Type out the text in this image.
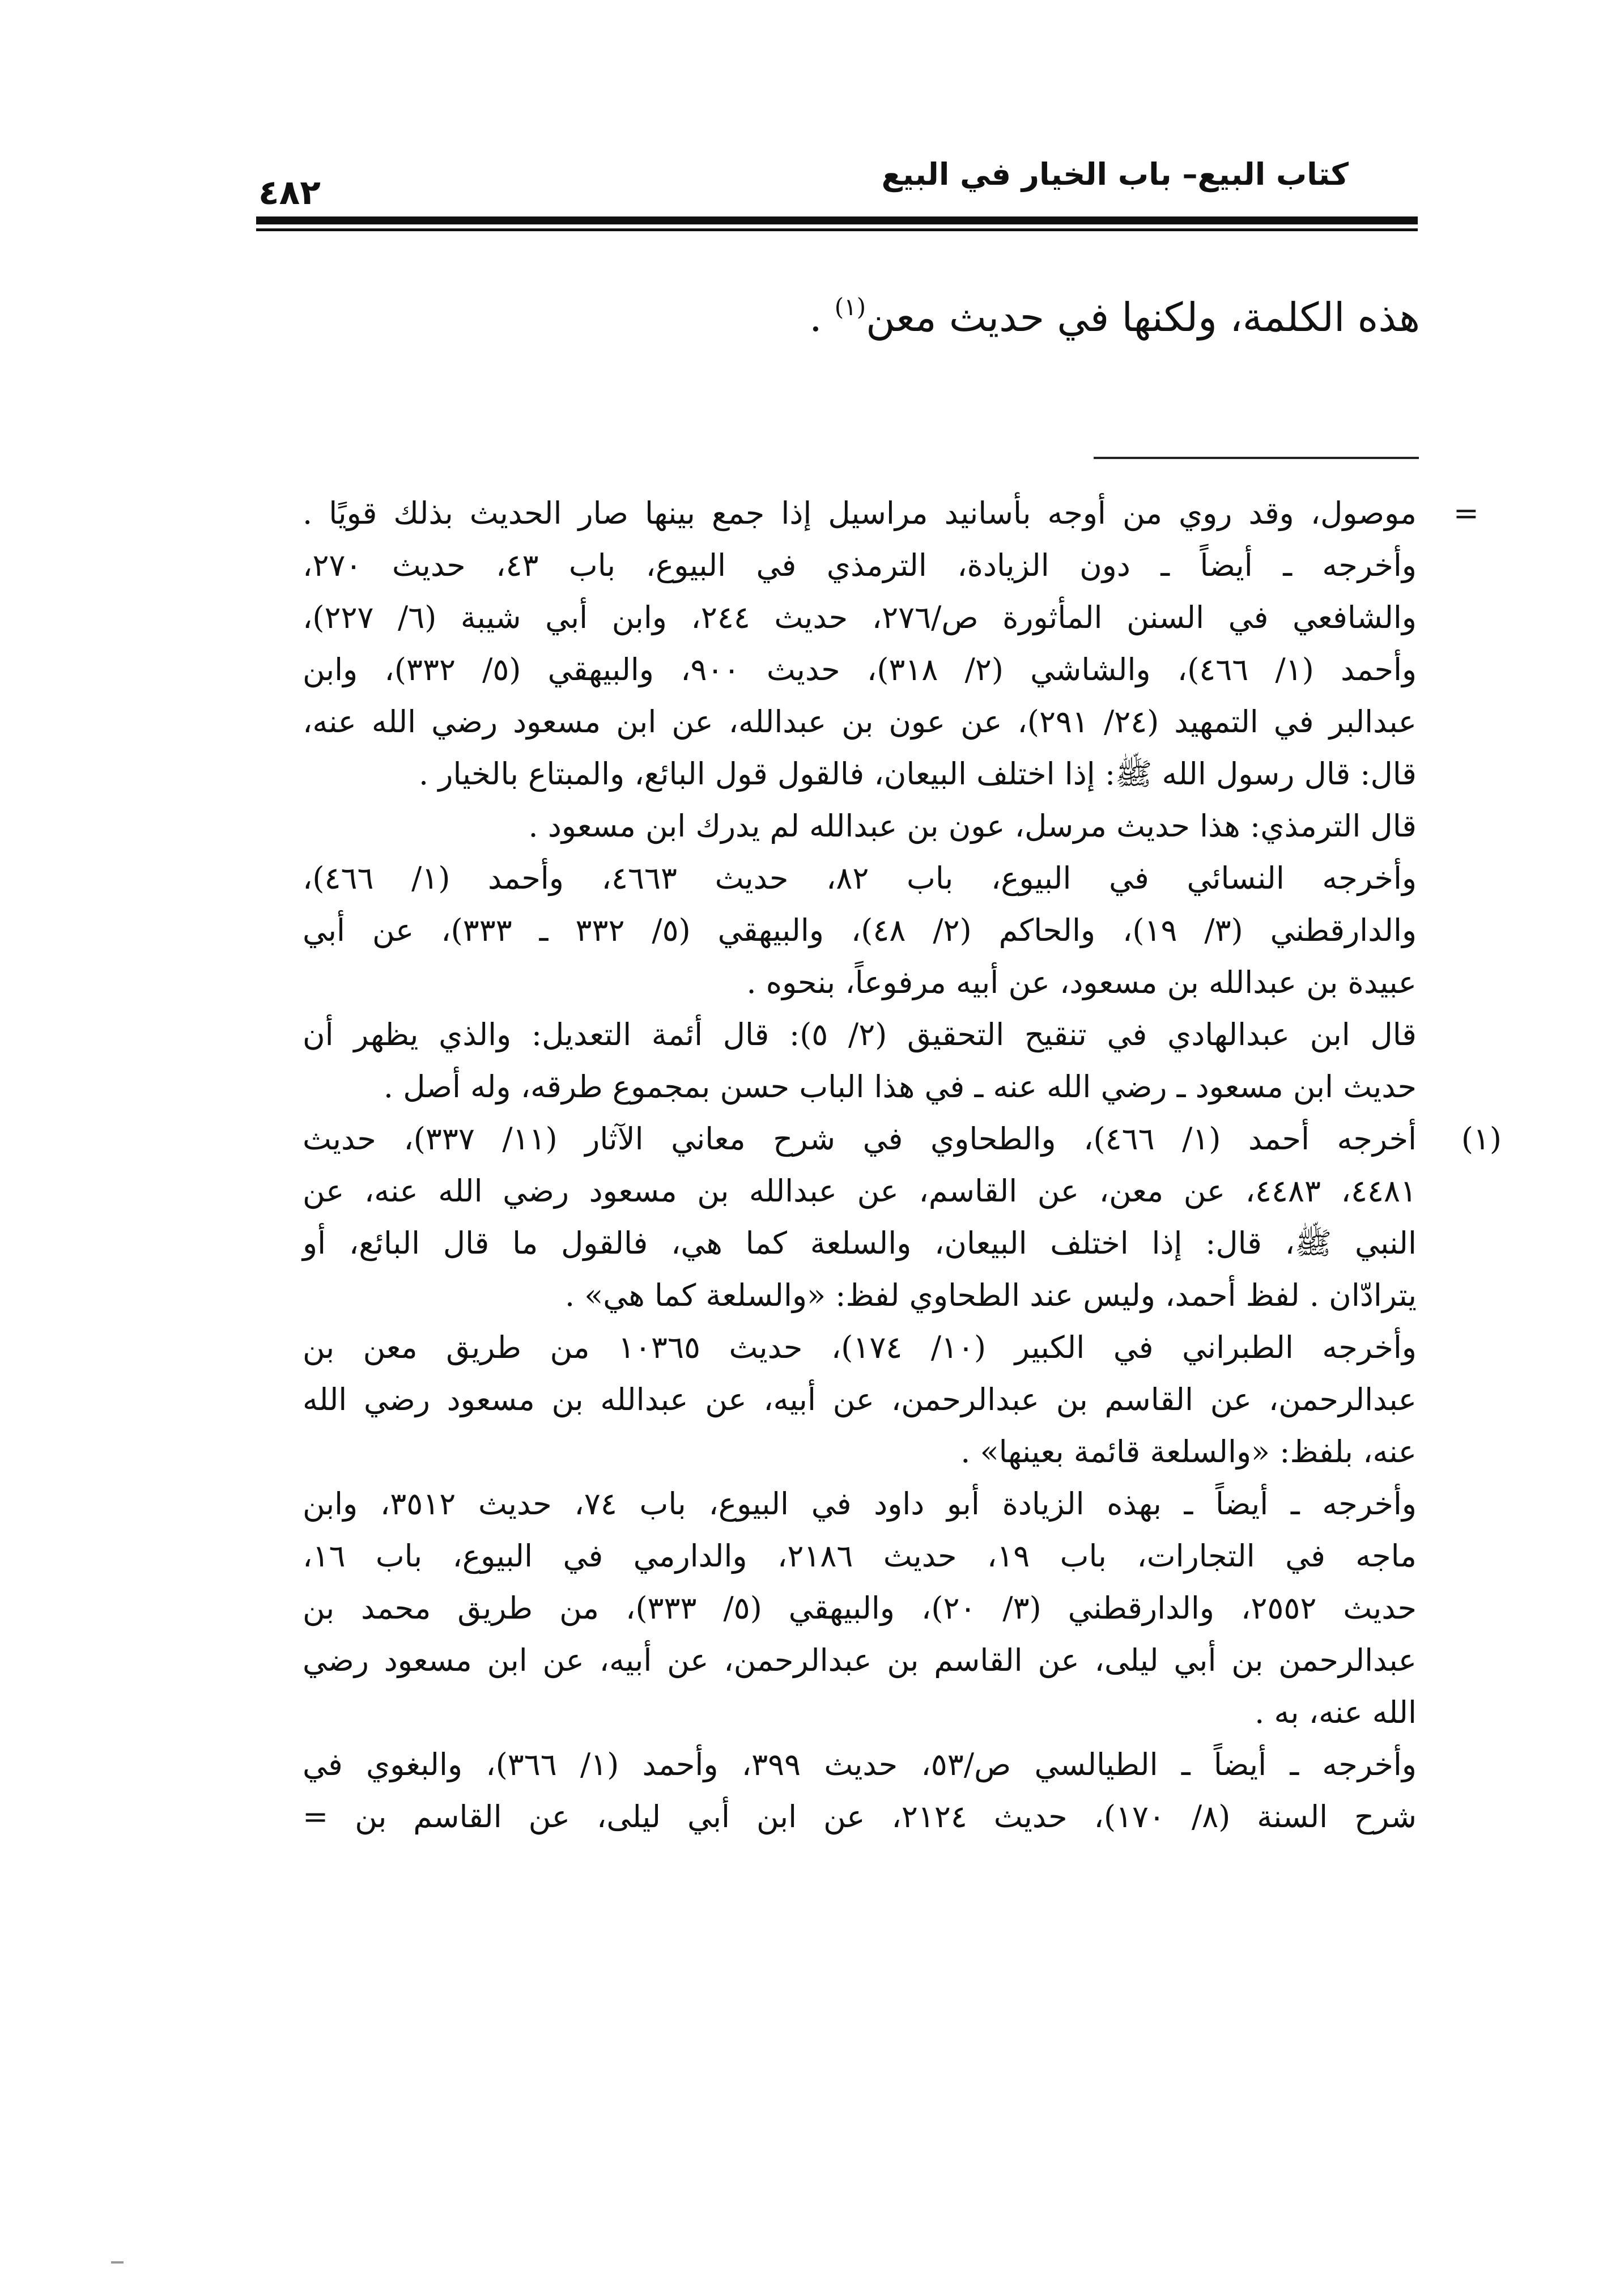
كتاب البيع– باب الخيار في البيع
٤٨٢
هذه الكلمة، ولكنها في حديث معن$^{(١)}$ .
=
موصول، وقد روي من أوجه بأسانيد مراسيل إذا جمع بينها صار الحديث بذلك قويًا .
وأخرجه ـ أيضاً ـ دون الزيادة، الترمذي في البيوع، باب ٤٣، حديث ٢٧٠،
والشافعي في السنن المأثورة ص/٢٧٦، حديث ٢٤٤، وابن أبي شيبة (٦/ ٢٢٧)،
وأحمد (١/ ٤٦٦)، والشاشي (٢/ ٣١٨)، حديث ٩٠٠، والبيهقي (٥/ ٣٣٢)، وابن
عبدالبر في التمهيد (٢٤/ ٢٩١)، عن عون بن عبدالله، عن ابن مسعود رضي الله عنه،
قال: قال رسول الله ﷺ: إذا اختلف البيعان، فالقول قول البائع، والمبتاع بالخيار .
قال الترمذي: هذا حديث مرسل، عون بن عبدالله لم يدرك ابن مسعود .
وأخرجه النسائي في البيوع، باب ٨٢، حديث ٤٦٦٣، وأحمد (١/ ٤٦٦)،
والدارقطني (٣/ ١٩)، والحاكم (٢/ ٤٨)، والبيهقي (٥/ ٣٣٢ ـ ٣٣٣)، عن أبي
عبيدة بن عبدالله بن مسعود، عن أبيه مرفوعاً، بنحوه .
قال ابن عبدالهادي في تنقيح التحقيق (٢/ ٥): قال أئمة التعديل: والذي يظهر أن
حديث ابن مسعود ـ رضي الله عنه ـ في هذا الباب حسن بمجموع طرقه، وله أصل .
(١)
أخرجه أحمد (١/ ٤٦٦)، والطحاوي في شرح معاني الآثار (١١/ ٣٣٧)، حديث
٤٤٨١، ٤٤٨٣، عن معن، عن القاسم، عن عبدالله بن مسعود رضي الله عنه، عن
النبي ﷺ، قال: إذا اختلف البيعان، والسلعة كما هي، فالقول ما قال البائع، أو
يترادّان . لفظ أحمد، وليس عند الطحاوي لفظ: «والسلعة كما هي» .
وأخرجه الطبراني في الكبير (١٠/ ١٧٤)، حديث ١٠٣٦٥ من طريق معن بن
عبدالرحمن، عن القاسم بن عبدالرحمن، عن أبيه، عن عبدالله بن مسعود رضي الله
عنه، بلفظ: «والسلعة قائمة بعينها» .
وأخرجه ـ أيضاً ـ بهذه الزيادة أبو داود في البيوع، باب ٧٤، حديث ٣٥١٢، وابن
ماجه في التجارات، باب ١٩، حديث ٢١٨٦، والدارمي في البيوع، باب ١٦،
حديث ٢٥٥٢، والدارقطني (٣/ ٢٠)، والبيهقي (٥/ ٣٣٣)، من طريق محمد بن
عبدالرحمن بن أبي ليلى، عن القاسم بن عبدالرحمن، عن أبيه، عن ابن مسعود رضي
الله عنه، به .
وأخرجه ـ أيضاً ـ الطيالسي ص/٥٣، حديث ٣٩٩، وأحمد (١/ ٣٦٦)، والبغوي في
شرح السنة (٨/ ١٧٠)، حديث ٢١٢٤، عن ابن أبي ليلى، عن القاسم بن =
